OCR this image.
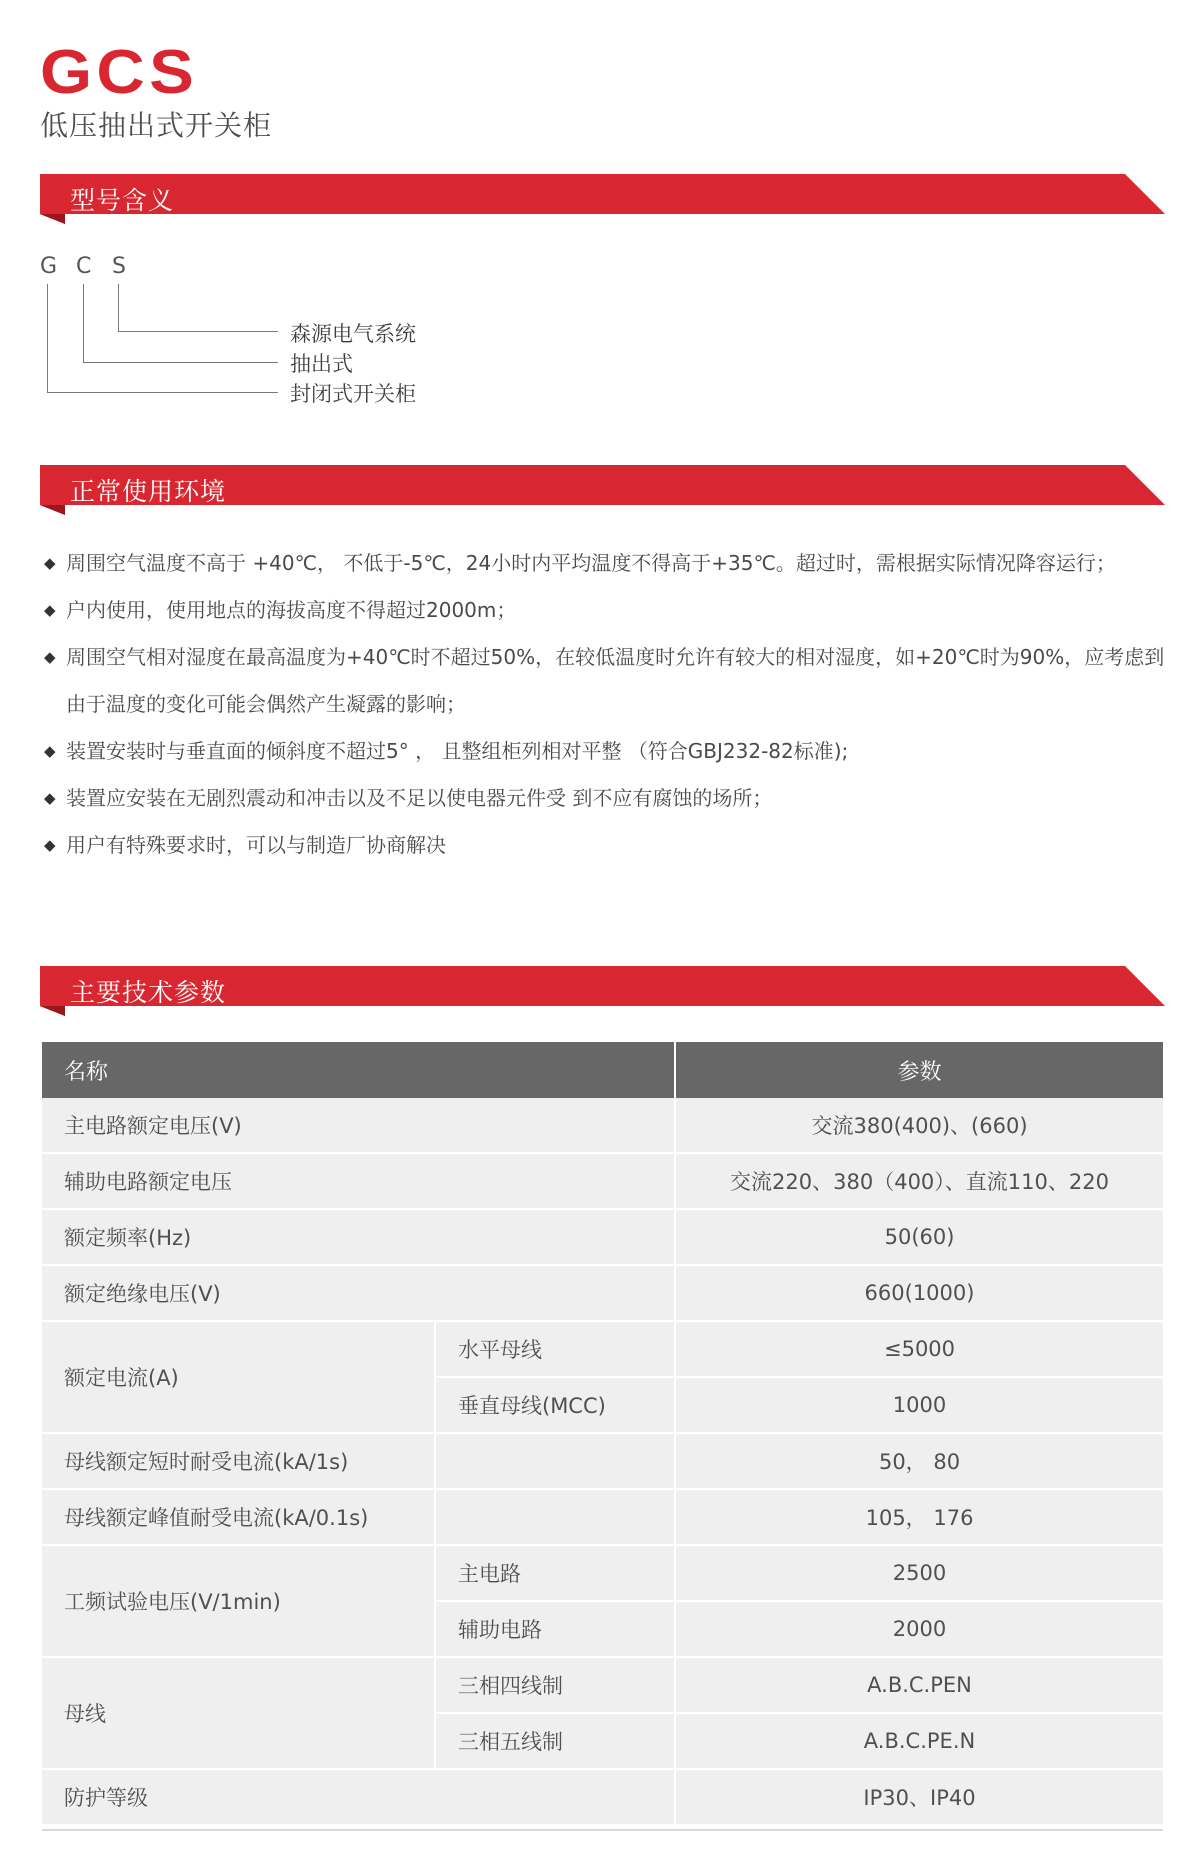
GCS
低压抽出式开关柜
型号含义
G C S
森源电气系统
抽出式
封闭式开关柜
正常使用环境
◆ 周围空气温度不高于 +40℃， 不低于-5℃，24小时内平均温度不得高于+35℃。超过时，需根据实际情况降容运行；
◆ 户内使用，使用地点的海拔高度不得超过2000m；
◆ 周围空气相对湿度在最高温度为+40℃时不超过50%，在较低温度时允许有较大的相对湿度，如+20℃时为90%，应考虑到由于温度的变化可能会偶然产生凝露的影响；
◆ 装置安装时与垂直面的倾斜度不超过5° ， 且整组柜列相对平整 （符合GBJ232-82标准);
◆ 装置应安装在无剧烈震动和冲击以及不足以使电器元件受 到不应有腐蚀的场所；
◆ 用户有特殊要求时，可以与制造厂协商解决
主要技术参数
名称		参数
主电路额定电压(V)		交流380(400)、(660)
辅助电路额定电压		交流220、380（400）、直流110、220
额定频率(Hz)		50(60)
额定绝缘电压(V)		660(1000)
额定电流(A)	水平母线	≤5000
	垂直母线(MCC)	1000
母线额定短时耐受电流(kA/1s)		50， 80
母线额定峰值耐受电流(kA/0.1s)		105， 176
工频试验电压(V/1min)	主电路	2500
	辅助电路	2000
母线	三相四线制	A.B.C.PEN
	三相五线制	A.B.C.PE.N
防护等级		IP30、IP40
